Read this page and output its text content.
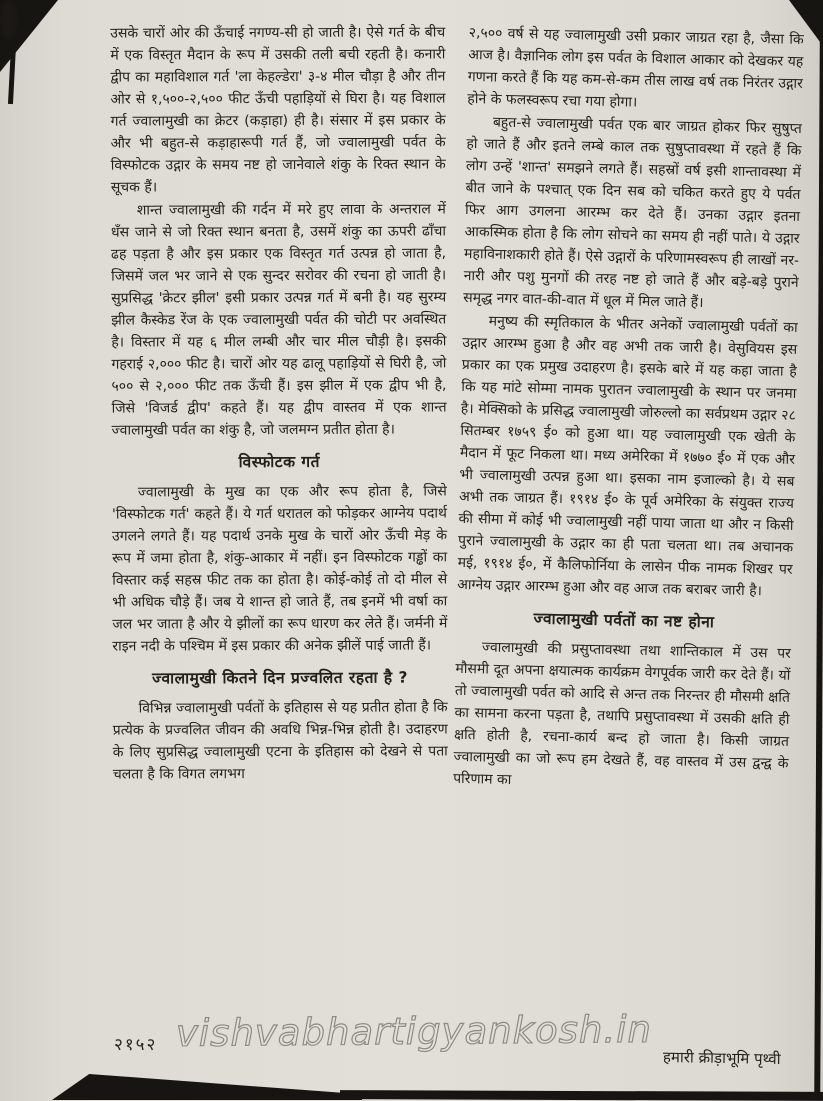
उसके चारों ओर की ऊँचाई नगण्य-सी हो जाती है। ऐसे गर्त के बीच में एक विस्तृत मैदान के रूप में उसकी तली बची रहती है। कनारी द्वीप का महाविशाल गर्त 'ला केहल्डेरा' ३-४ मील चौड़ा है और तीन ओर से १,५००-२,५०० फीट ऊँची पहाड़ियों से घिरा है। यह विशाल गर्त ज्वालामुखी का क्रेटर (कड़ाहा) ही है। संसार में इस प्रकार के और भी बहुत-से कड़ाहारूपी गर्त हैं, जो ज्वालामुखी पर्वत के विस्फोटक उद्गार के समय नष्ट हो जानेवाले शंकु के रिक्त स्थान के सूचक हैं।

शान्त ज्वालामुखी की गर्दन में मरे हुए लावा के अन्तराल में धँस जाने से जो रिक्त स्थान बनता है, उसमें शंकु का ऊपरी ढाँचा ढह पड़ता है और इस प्रकार एक विस्तृत गर्त उत्पन्न हो जाता है, जिसमें जल भर जाने से एक सुन्दर सरोवर की रचना हो जाती है। सुप्रसिद्ध 'क्रेटर झील' इसी प्रकार उत्पन्न गर्त में बनी है। यह सुरम्य झील कैस्केड रेंज के एक ज्वालामुखी पर्वत की चोटी पर अवस्थित है। विस्तार में यह ६ मील लम्बी और चार मील चौड़ी है। इसकी गहराई २,००० फीट है। चारों ओर यह ढालू पहाड़ियों से घिरी है, जो ५०० से २,००० फीट तक ऊँची हैं। इस झील में एक द्वीप भी है, जिसे 'विजर्ड द्वीप' कहते हैं। यह द्वीप वास्तव में एक शान्त ज्वालामुखी पर्वत का शंकु है, जो जलमग्न प्रतीत होता है।

विस्फोटक गर्त

ज्वालामुखी के मुख का एक और रूप होता है, जिसे 'विस्फोटक गर्त' कहते हैं। ये गर्त धरातल को फोड़कर आग्नेय पदार्थ उगलने लगते हैं। यह पदार्थ उनके मुख के चारों ओर ऊँची मेड़ के रूप में जमा होता है, शंकु-आकार में नहीं। इन विस्फोटक गड्ढों का विस्तार कई सहस्र फीट तक का होता है। कोई-कोई तो दो मील से भी अधिक चौड़े हैं। जब ये शान्त हो जाते हैं, तब इनमें भी वर्षा का जल भर जाता है और ये झीलों का रूप धारण कर लेते हैं। जर्मनी में राइन नदी के पश्चिम में इस प्रकार की अनेक झीलें पाई जाती हैं।

ज्वालामुखी कितने दिन प्रज्वलित रहता है ?

विभिन्न ज्वालामुखी पर्वतों के इतिहास से यह प्रतीत होता है कि प्रत्येक के प्रज्वलित जीवन की अवधि भिन्न-भिन्न होती है। उदाहरण के लिए सुप्रसिद्ध ज्वालामुखी एटना के इतिहास को देखने से पता चलता है कि विगत लगभग

२,५०० वर्ष से यह ज्वालामुखी उसी प्रकार जाग्रत रहा है, जैसा कि आज है। वैज्ञानिक लोग इस पर्वत के विशाल आकार को देखकर यह गणना करते हैं कि यह कम-से-कम तीस लाख वर्ष तक निरंतर उद्गार होने के फलस्वरूप रचा गया होगा।

बहुत-से ज्वालामुखी पर्वत एक बार जाग्रत होकर फिर सुषुप्त हो जाते हैं और इतने लम्बे काल तक सुषुप्तावस्था में रहते हैं कि लोग उन्हें 'शान्त' समझने लगते हैं। सहस्रों वर्ष इसी शान्तावस्था में बीत जाने के पश्चात् एक दिन सब को चकित करते हुए ये पर्वत फिर आग उगलना आरम्भ कर देते हैं। उनका उद्गार इतना आकस्मिक होता है कि लोग सोचने का समय ही नहीं पाते। ये उद्गार महाविनाशकारी होते हैं। ऐसे उद्गारों के परिणामस्वरूप ही लाखों नर-नारी और पशु मुनगों की तरह नष्ट हो जाते हैं और बड़े-बड़े पुराने समृद्ध नगर वात-की-वात में धूल में मिल जाते हैं।

मनुष्य की स्मृतिकाल के भीतर अनेकों ज्वालामुखी पर्वतों का उद्गार आरम्भ हुआ है और वह अभी तक जारी है। वेसुवियस इस प्रकार का एक प्रमुख उदाहरण है। इसके बारे में यह कहा जाता है कि यह मांटे सोम्मा नामक पुरातन ज्वालामुखी के स्थान पर जनमा है। मेक्सिको के प्रसिद्ध ज्वालामुखी जोरुल्लो का सर्वप्रथम उद्गार २८ सितम्बर १७५९ ई० को हुआ था। यह ज्वालामुखी एक खेती के मैदान में फूट निकला था। मध्य अमेरिका में १७७० ई० में एक और भी ज्वालामुखी उत्पन्न हुआ था। इसका नाम इजाल्को है। ये सब अभी तक जाग्रत हैं। १९१४ ई० के पूर्व अमेरिका के संयुक्त राज्य की सीमा में कोई भी ज्वालामुखी नहीं पाया जाता था और न किसी पुराने ज्वालामुखी के उद्गार का ही पता चलता था। तब अचानक मई, १९१४ ई०, में कैलिफोर्निया के लासेन पीक नामक शिखर पर आग्नेय उद्गार आरम्भ हुआ और वह आज तक बराबर जारी है।

ज्वालामुखी पर्वतों का नष्ट होना

ज्वालामुखी की प्रसुप्तावस्था तथा शान्तिकाल में उस पर मौसमी दूत अपना क्षयात्मक कार्यक्रम वेगपूर्वक जारी कर देते हैं। यों तो ज्वालामुखी पर्वत को आदि से अन्त तक निरन्तर ही मौसमी क्षति का सामना करना पड़ता है, तथापि प्रसुप्तावस्था में उसकी क्षति ही क्षति होती है, रचना-कार्य बन्द हो जाता है। किसी जाग्रत ज्वालामुखी का जो रूप हम देखते हैं, वह वास्तव में उस द्वन्द्व के परिणाम का

२१५२ vishvabhartigyankosh.in
हमारी क्रीड़ाभूमि पृथ्वी
